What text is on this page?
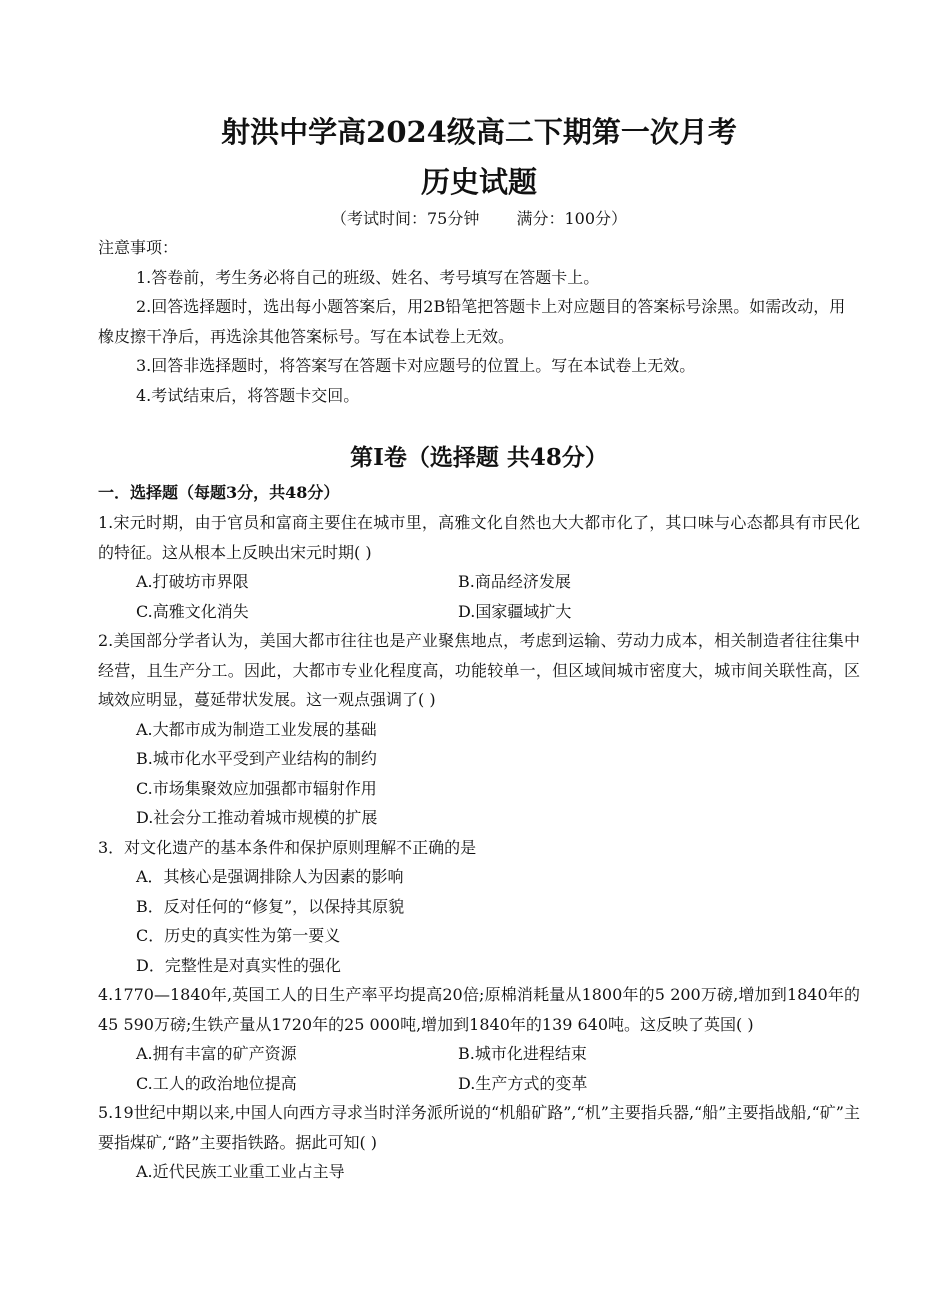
射洪中学高2024级高二下期第一次月考
历史试题
（考试时间：75分钟 满分：100分）

注意事项：

1.答卷前，考生务必将自己的班级、姓名、考号填写在答题卡上。

2.回答选择题时，选出每小题答案后，用2B铅笔把答题卡上对应题目的答案标号涂黑。如需改动，用橡皮擦干净后，再选涂其他答案标号。写在本试卷上无效。

3.回答非选择题时，将答案写在答题卡对应题号的位置上。写在本试卷上无效。

4.考试结束后，将答题卡交回。

第I卷（选择题 共48分）
一．选择题（每题3分，共48分）
1.宋元时期，由于官员和富商主要住在城市里，高雅文化自然也大大都市化了，其口味与心态都具有市民化的特征。这从根本上反映出宋元时期( )
A.打破坊市界限	B.商品经济发展
C.高雅文化消失	D.国家疆域扩大
2.美国部分学者认为，美国大都市往往也是产业聚焦地点，考虑到运输、劳动力成本，相关制造者往往集中经营，且生产分工。因此，大都市专业化程度高，功能较单一，但区域间城市密度大，城市间关联性高，区域效应明显，蔓延带状发展。这一观点强调了( )
A.大都市成为制造工业发展的基础
B.城市化水平受到产业结构的制约
C.市场集聚效应加强都市辐射作用
D.社会分工推动着城市规模的扩展
3．对文化遗产的基本条件和保护原则理解不正确的是
A．其核心是强调排除人为因素的影响
B．反对任何的“修复”，以保持其原貌
C．历史的真实性为第一要义
D．完整性是对真实性的强化
4.1770—1840年,英国工人的日生产率平均提高20倍;原棉消耗量从1800年的5 200万磅,增加到1840年的45 590万磅;生铁产量从1720年的25 000吨,增加到1840年的139 640吨。这反映了英国( )
A.拥有丰富的矿产资源	B.城市化进程结束
C.工人的政治地位提高	D.生产方式的变革
5.19世纪中期以来,中国人向西方寻求当时洋务派所说的“机船矿路”,“机”主要指兵器,“船”主要指战船,“矿”主要指煤矿,“路”主要指铁路。据此可知( )
A.近代民族工业重工业占主导
